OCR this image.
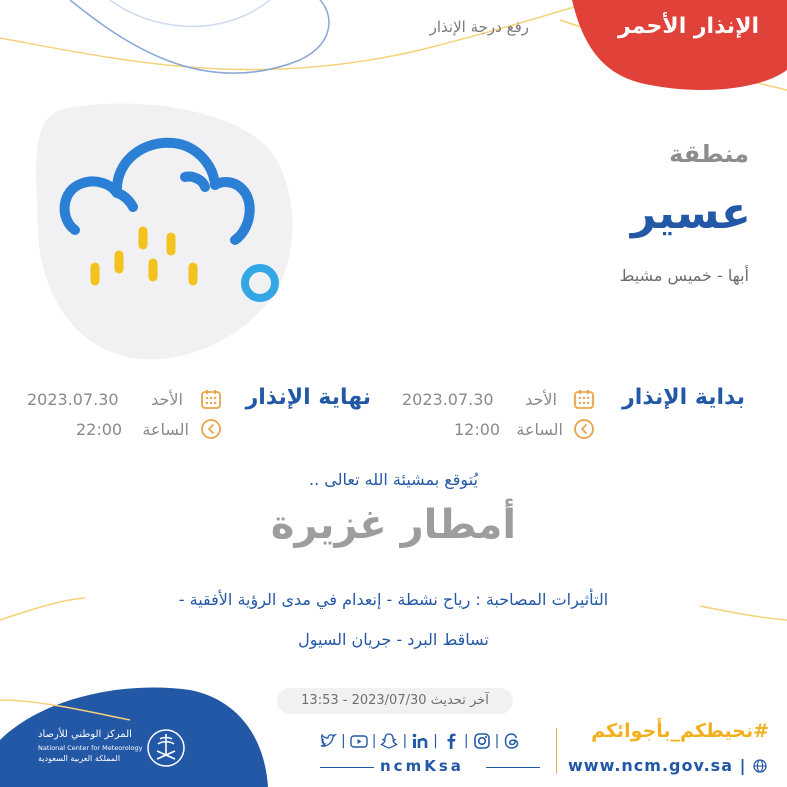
الإنذار الأحمر
رفع درجة الإنذار
منطقة
عسير
أبها - خميس مشيط
بداية الإنذار
الأحد
2023.07.30
الساعة
12:00
نهاية الإنذار
الأحد
2023.07.30
الساعة
22:00
يُتوقع بمشيئة الله تعالى ..
أمطار غزيرة
التأثيرات المصاحبة : رياح نشطة - إنعدام في مدى الرؤية الأفقية -
تساقط البرد - جريان السيول
آخر تحديث 2023/07/30 - 13:53
#نحيطكم_بأجوائكم
www.ncm.gov.sa |
| | | | | |
ncmKsa
المركز الوطني للأرصاد
National Center for Meteorology
المملكة العربية السعودية
